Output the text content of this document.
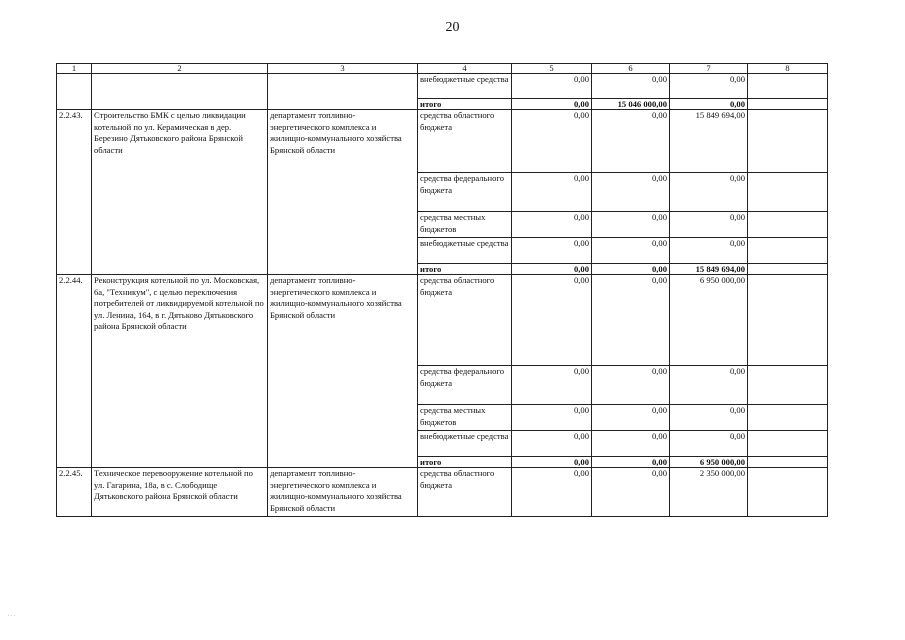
20
1	2	3	4	5	6	7	8
			внебюджетные средства	0,00	0,00	0,00	
			итого	0,00	15 046 000,00	0,00	
2.2.43.	Строительство БМК с целью ликвидации котельной по ул. Керамическая в дер. Березино Дятьковского района Брянской области	департамент топливно-энергетического комплекса и жилищно-коммунального хозяйства Брянской области	средства областного бюджета	0,00	0,00	15 849 694,00	
			средства федерального бюджета	0,00	0,00	0,00	
			средства местных бюджетов	0,00	0,00	0,00	
			внебюджетные средства	0,00	0,00	0,00	
			итого	0,00	0,00	15 849 694,00	
2.2.44.	Реконструкция котельной по ул. Московская, 6а, "Техникум", с целью переключения потребителей от ликвидируемой котельной по ул. Ленина, 164, в г. Дятьково Дятьковского района Брянской области	департамент топливно-энергетического комплекса и жилищно-коммунального хозяйства Брянской области	средства областного бюджета	0,00	0,00	6 950 000,00	
			средства федерального бюджета	0,00	0,00	0,00	
			средства местных бюджетов	0,00	0,00	0,00	
			внебюджетные средства	0,00	0,00	0,00	
			итого	0,00	0,00	6 950 000,00	
2.2.45.	Техническое перевооружение котельной по ул. Гагарина, 18а, в с. Слободище Дятьковского района Брянской области	департамент топливно-энергетического комплекса и жилищно-коммунального хозяйства Брянской области	средства областного бюджета	0,00	0,00	2 350 000,00	
. . .
